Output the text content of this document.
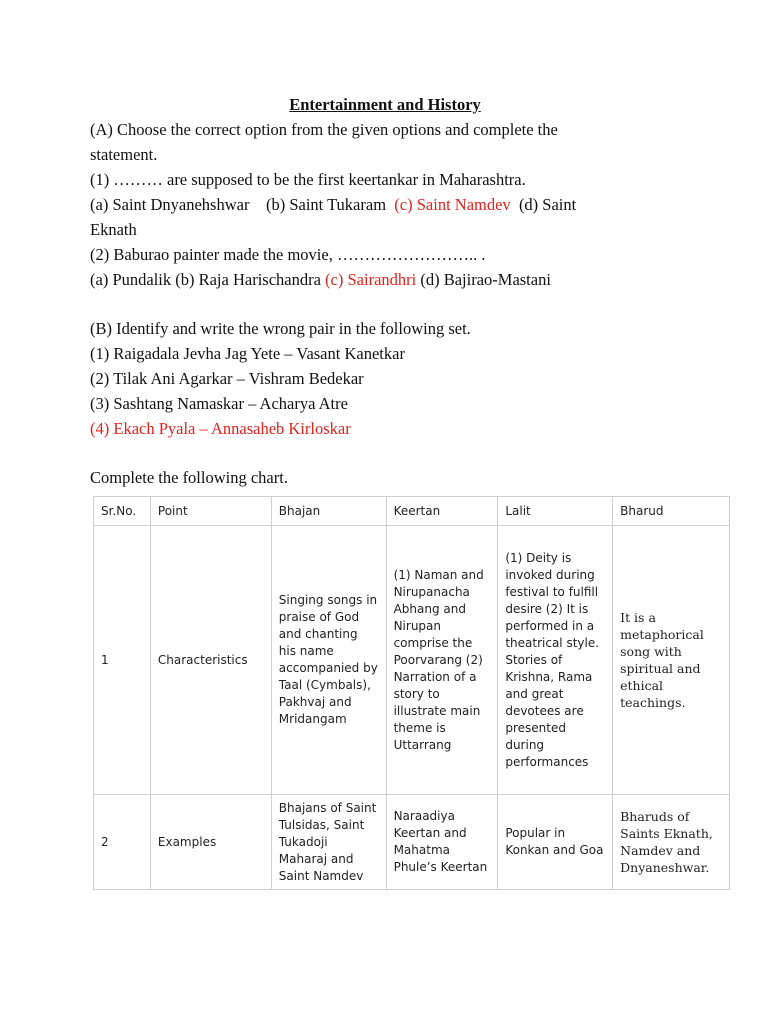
Entertainment and History
(A) Choose the correct option from the given options and complete the
statement.
(1) ……… are supposed to be the first keertankar in Maharashtra.
(a) Saint Dnyanehshwar (b) Saint Tukaram (c) Saint Namdev (d) Saint
Eknath
(2) Baburao painter made the movie, …………………….. .
(a) Pundalik (b) Raja Harischandra (c) Sairandhri (d) Bajirao-Mastani
(B) Identify and write the wrong pair in the following set.
(1) Raigadala Jevha Jag Yete – Vasant Kanetkar
(2) Tilak Ani Agarkar – Vishram Bedekar
(3) Sashtang Namaskar – Acharya Atre
(4) Ekach Pyala – Annasaheb Kirloskar
Complete the following chart.
Sr.No.	Point	Bhajan	Keertan	Lalit	Bharud
1	Characteristics	Singing songs in praise of God and chanting his name accompanied by Taal (Cymbals), Pakhvaj and Mridangam	(1) Naman and Nirupanacha Abhang and Nirupan comprise the Poorvarang (2) Narration of a story to illustrate main theme is Uttarrang	(1) Deity is invoked during festival to fulfill desire (2) It is performed in a theatrical style. Stories of Krishna, Rama and great devotees are presented during performances	It is a metaphorical song with spiritual and ethical teachings.
2	Examples	Bhajans of Saint Tulsidas, Saint Tukadoji Maharaj and Saint Namdev	Naraadiya Keertan and Mahatma Phule’s Keertan	Popular in Konkan and Goa	Bharuds of Saints Eknath, Namdev and Dnyaneshwar.
